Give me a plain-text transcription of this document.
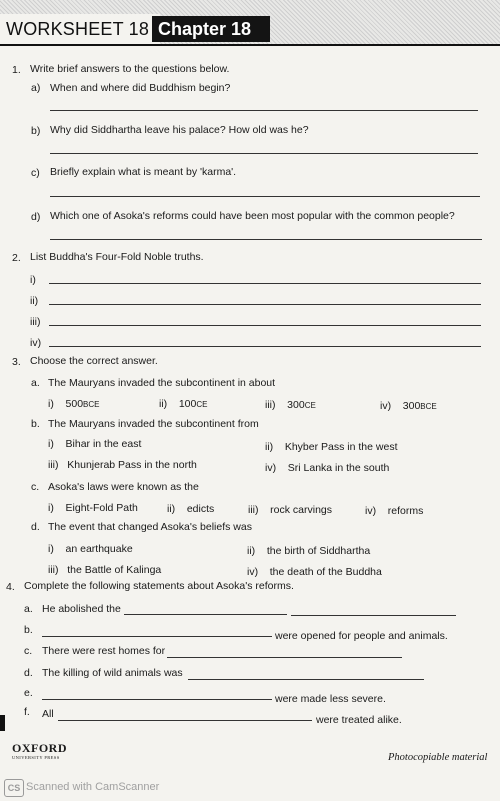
WORKSHEET 18 Chapter 18
1. Write brief answers to the questions below.
a) When and where did Buddhism begin?
b) Why did Siddhartha leave his palace? How old was he?
c) Briefly explain what is meant by 'karma'.
d) Which one of Asoka's reforms could have been most popular with the common people?
2. List Buddha's Four-Fold Noble truths.
i)
ii)
iii)
iv)
3. Choose the correct answer.
a. The Mauryans invaded the subcontinent in about
i) 500BCE	ii) 100CE	iii) 300CE	iv) 300BCE
b. The Mauryans invaded the subcontinent from
i) Bihar in the east	ii) Khyber Pass in the west
iii) Khunjerab Pass in the north	iv) Sri Lanka in the south
c. Asoka's laws were known as the
i) Eight-Fold Path	ii) edicts	iii) rock carvings	iv) reforms
d. The event that changed Asoka's beliefs was
i) an earthquake	ii) the birth of Siddhartha
iii) the Battle of Kalinga	iv) the death of the Buddha
4. Complete the following statements about Asoka's reforms.
a. He abolished the
b.	were opened for people and animals.
c. There were rest homes for
d. The killing of wild animals was
e.	were made less severe.
f. All	were treated alike.
OXFORD
UNIVERSITY PRESS	Photocopiable material
CS Scanned with CamScanner
